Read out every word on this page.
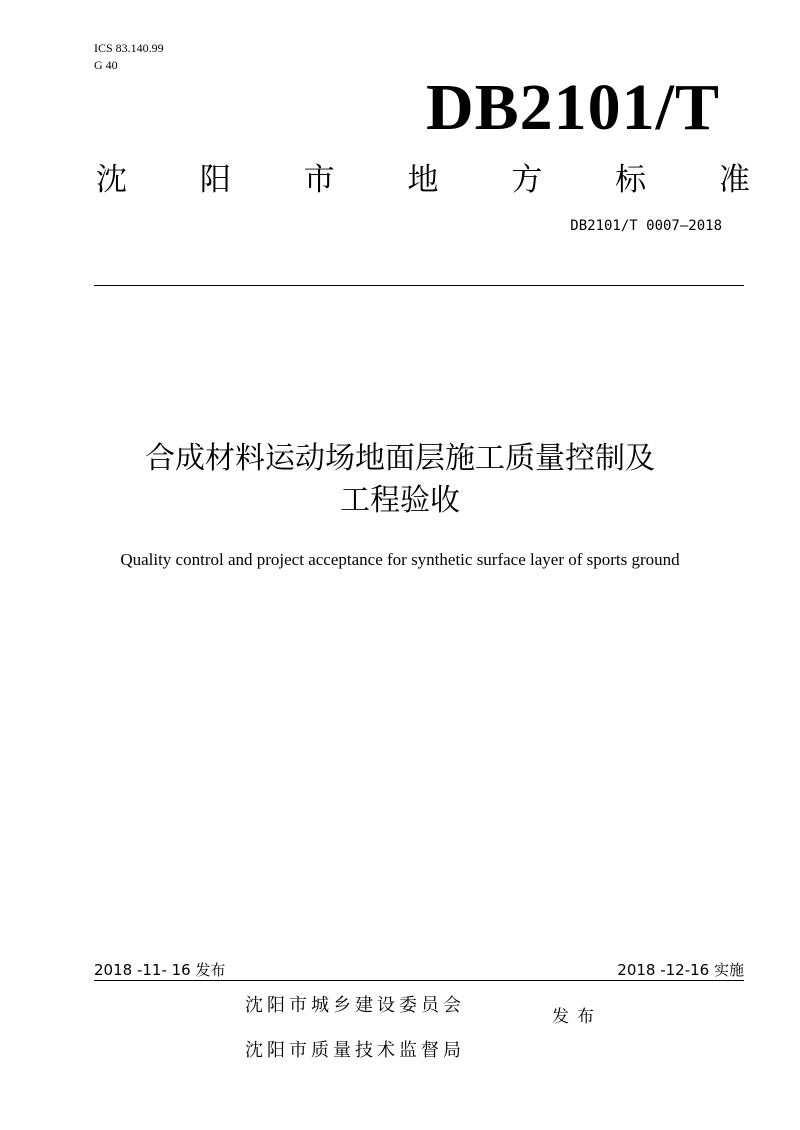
ICS 83.140.99
G 40
DB2101/T
沈 阳 市 地 方 标 准
DB2101/T 0007—2018
合成材料运动场地面层施工质量控制及
工程验收
Quality control and project acceptance for synthetic surface layer of sports ground
2018 -11- 16 发布	2018 -12-16 实施
沈阳市城乡建设委员会
发布
沈阳市质量技术监督局
